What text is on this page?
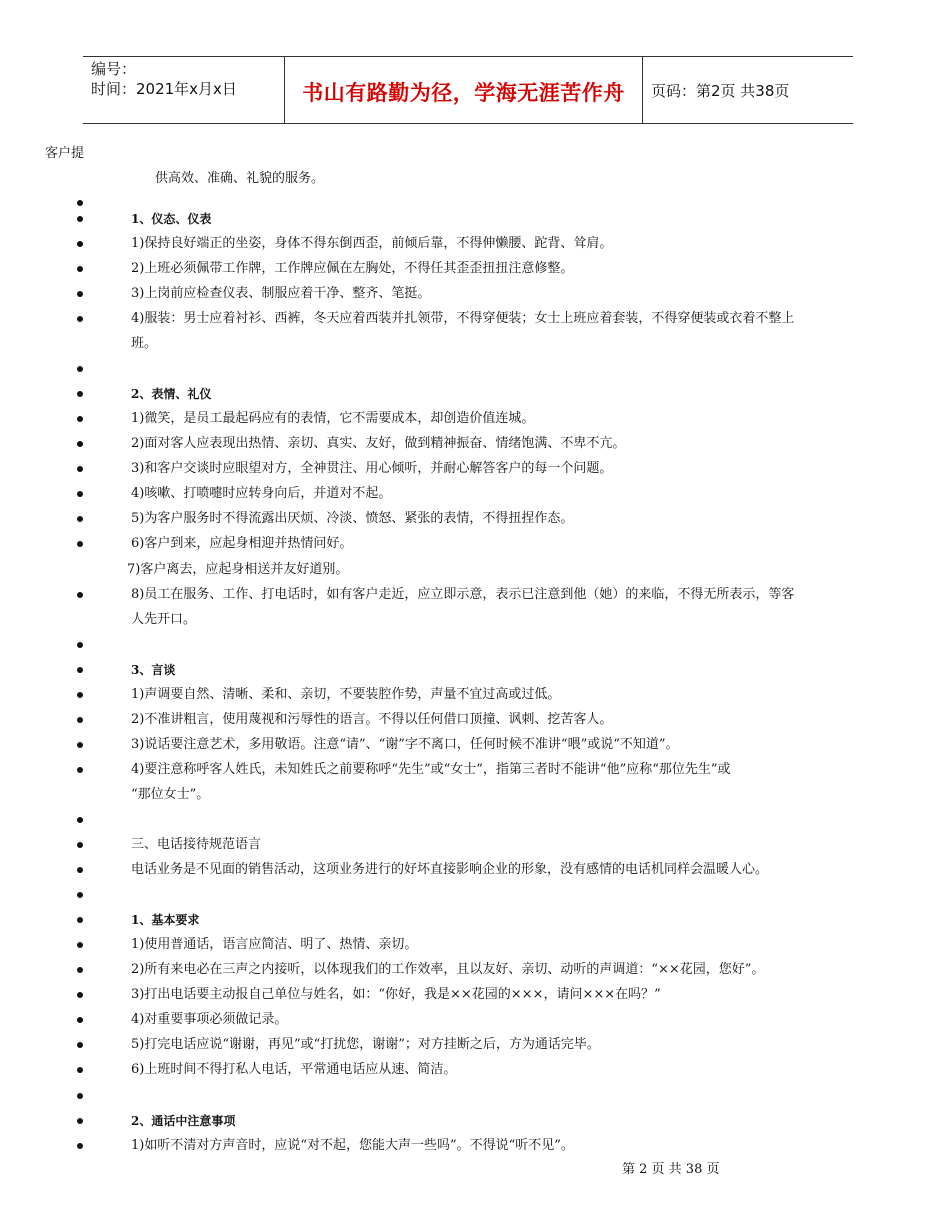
编号：
时间：2021年x月x日	书山有路勤为径，学海无涯苦作舟	页码：第2页 共38页
客户提
供高效、准确、礼貌的服务。
1、仪态、仪表
1)保持良好端正的坐姿，身体不得东倒西歪，前倾后靠，不得伸懒腰、跎背、耸肩。
2)上班必须佩带工作牌，工作牌应佩在左胸处，不得任其歪歪扭扭注意修整。
3)上岗前应检查仪表、制服应着干净、整齐、笔挺。
4)服装：男士应着衬衫、西裤，冬天应着西装并扎领带，不得穿便装；女士上班应着套装，不得穿便装或衣着不整上
班。
2、表情、礼仪
1)微笑，是员工最起码应有的表情，它不需要成本，却创造价值连城。
2)面对客人应表现出热情、亲切、真实、友好，做到精神振奋、情绪饱满、不卑不亢。
3)和客户交谈时应眼望对方，全神贯注、用心倾听，并耐心解答客户的每一个问题。
4)咳嗽、打喷嚏时应转身向后，并道对不起。
5)为客户服务时不得流露出厌烦、冷淡、愤怒、紧张的表情，不得扭捏作态。
6)客户到来，应起身相迎并热情问好。
7)客户离去，应起身相送并友好道别。
8)员工在服务、工作、打电话时，如有客户走近，应立即示意，表示已注意到他（她）的来临，不得无所表示，等客
人先开口。
3、言谈
1)声调要自然、清晰、柔和、亲切，不要装腔作势，声量不宜过高或过低。
2)不准讲粗言，使用蔑视和污辱性的语言。不得以任何借口顶撞、讽刺、挖苦客人。
3)说话要注意艺术，多用敬语。注意“请”、“谢”字不离口，任何时候不准讲“喂”或说“不知道”。
4)要注意称呼客人姓氏，未知姓氏之前要称呼“先生”或“女士”，指第三者时不能讲“他”应称“那位先生”或
“那位女士”。
三、电话接待规范语言
电话业务是不见面的销售活动，这项业务进行的好坏直接影响企业的形象，没有感情的电话机同样会温暖人心。
1、基本要求
1)使用普通话，语言应简洁、明了、热情、亲切。
2)所有来电必在三声之内接听，以体现我们的工作效率，且以友好、亲切、动听的声调道：“××花园，您好”。
3)打出电话要主动报自己单位与姓名，如：“你好，我是××花园的×××，请问×××在吗？”
4)对重要事项必须做记录。
5)打完电话应说“谢谢，再见”或“打扰您，谢谢”；对方挂断之后，方为通话完毕。
6)上班时间不得打私人电话，平常通电话应从速、简洁。
2、通话中注意事项
1)如听不清对方声音时，应说“对不起，您能大声一些吗”。不得说“听不见”。
第 2 页 共 38 页
